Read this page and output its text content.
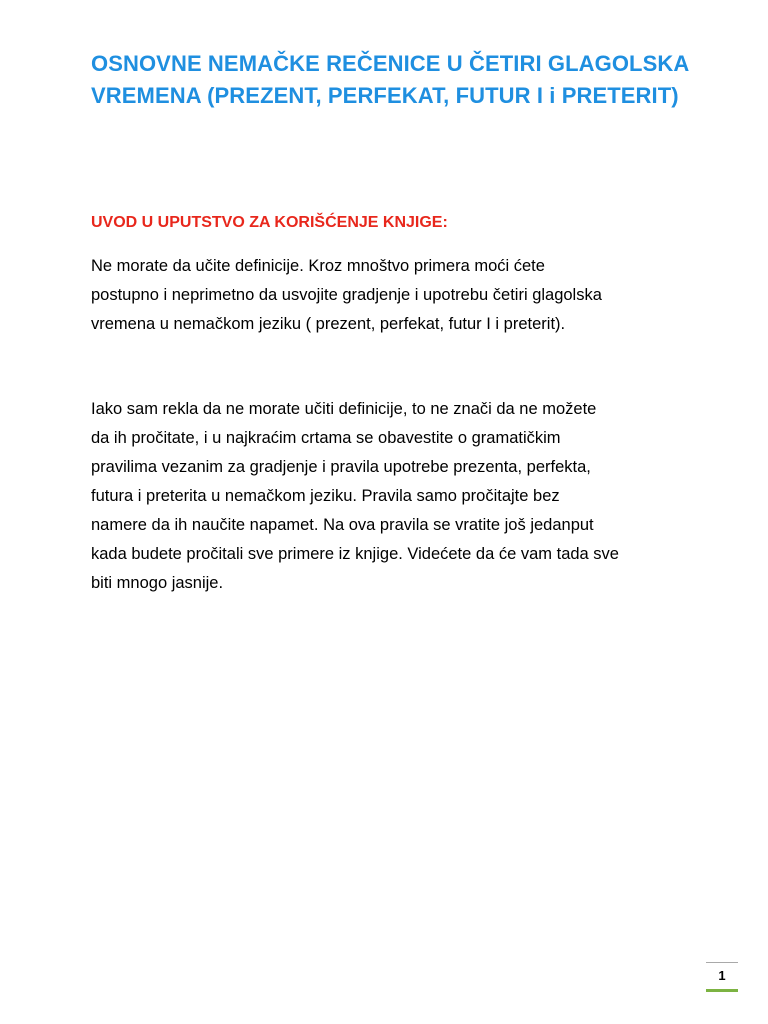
OSNOVNE NEMAČKE REČENICE U ČETIRI GLAGOLSKA
VREMENA (PREZENT, PERFEKAT, FUTUR I i PRETERIT)
UVOD U UPUTSTVO ZA KORIŠĆENJE KNJIGE:

Ne morate da učite definicije. Kroz mnoštvo primera moći ćete
postupno i neprimetno da usvojite gradjenje i upotrebu četiri glagolska
vremena u nemačkom jeziku ( prezent, perfekat, futur I i preterit).

Iako sam rekla da ne morate učiti definicije, to ne znači da ne možete
da ih pročitate, i u najkraćim crtama se obavestite o gramatičkim
pravilima vezanim za gradjenje i pravila upotrebe prezenta, perfekta,
futura i preterita u nemačkom jeziku. Pravila samo pročitajte bez
namere da ih naučite napamet. Na ova pravila se vratite još jedanput
kada budete pročitali sve primere iz knjige. Videćete da će vam tada sve
biti mnogo jasnije.

1
